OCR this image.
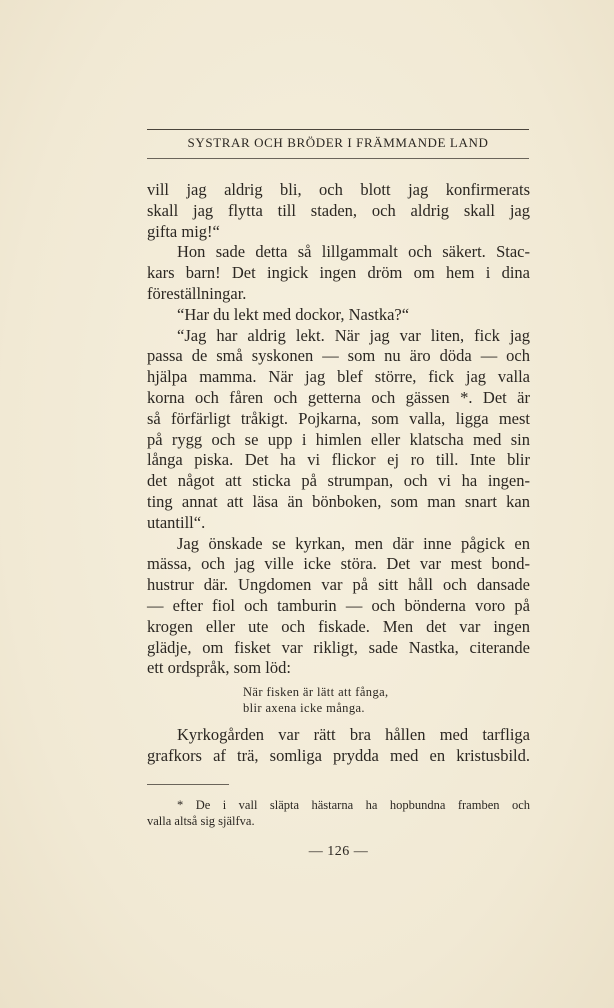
SYSTRAR OCH BRÖDER I FRÄMMANDE LAND
vill jag aldrig bli, och blott jag konfirmerats
skall jag flytta till staden, och aldrig skall jag
gifta mig!“
Hon sade detta så lillgammalt och säkert. Stac-
kars barn! Det ingick ingen dröm om hem i dina
föreställningar.
“Har du lekt med dockor, Nastka?“
“Jag har aldrig lekt. När jag var liten, fick jag
passa de små syskonen — som nu äro döda — och
hjälpa mamma. När jag blef större, fick jag valla
korna och fåren och getterna och gässen *. Det är
så förfärligt tråkigt. Pojkarna, som valla, ligga mest
på rygg och se upp i himlen eller klatscha med sin
långa piska. Det ha vi flickor ej ro till. Inte blir
det något att sticka på strumpan, och vi ha ingen-
ting annat att läsa än bönboken, som man snart kan
utantill“.
Jag önskade se kyrkan, men där inne pågick en
mässa, och jag ville icke störa. Det var mest bond-
hustrur där. Ungdomen var på sitt håll och dansade
— efter fiol och tamburin — och bönderna voro på
krogen eller ute och fiskade. Men det var ingen
glädje, om fisket var rikligt, sade Nastka, citerande
ett ordspråk, som löd:
När fisken är lätt att fånga,
blir axena icke många.
Kyrkogården var rätt bra hållen med tarfliga
grafkors af trä, somliga prydda med en kristusbild.
* De i vall släpta hästarna ha hopbundna framben och
valla altså sig själfva.
— 126 —
